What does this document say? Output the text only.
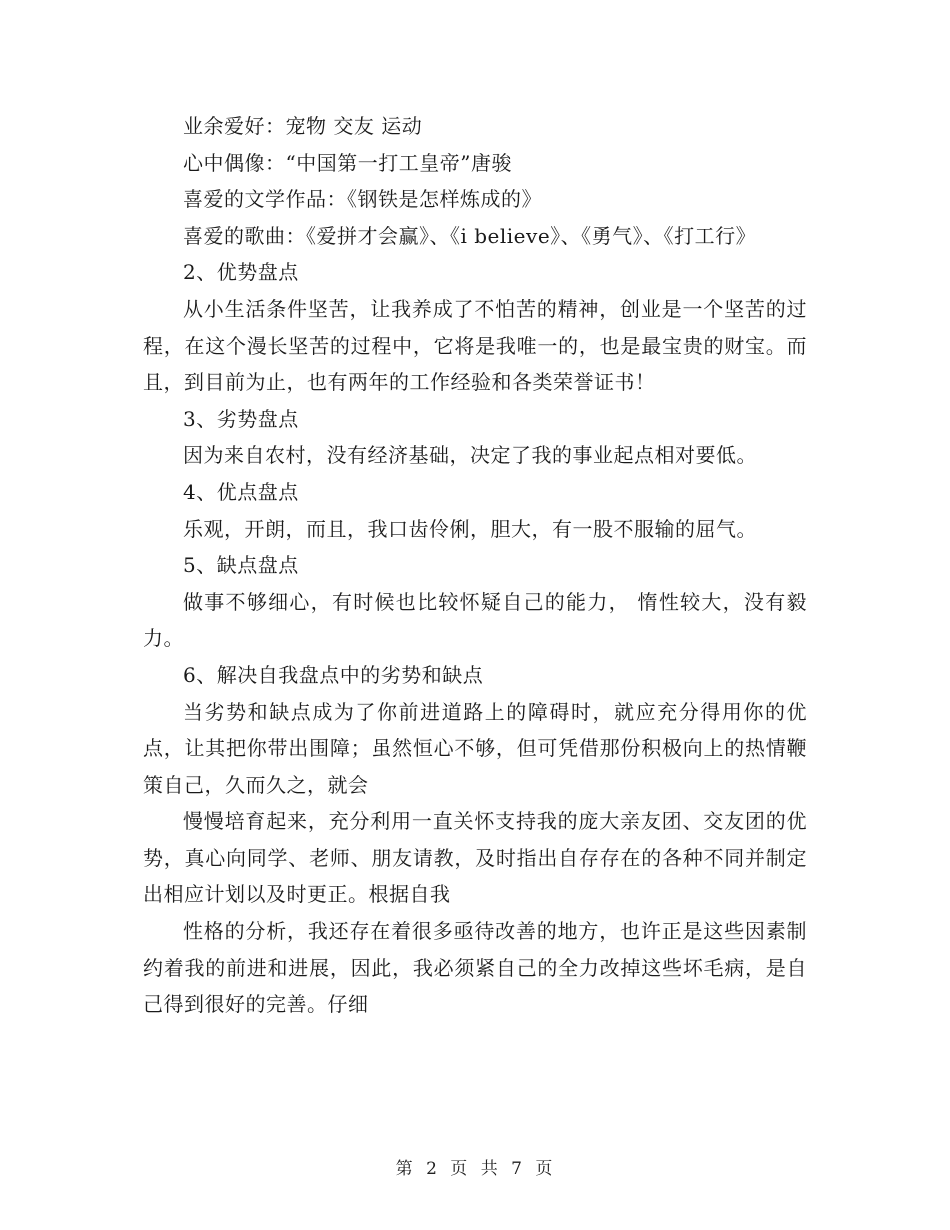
业余爱好：宠物 交友 运动

心中偶像：“中国第一打工皇帝”唐骏

喜爱的文学作品：《钢铁是怎样炼成的》

喜爱的歌曲：《爱拼才会赢》、《i believe》、《勇气》、《打工行》

2、优势盘点

从小生活条件坚苦，让我养成了不怕苦的精神，创业是一个坚苦的过程，在这个漫长坚苦的过程中，它将是我唯一的，也是最宝贵的财宝。而且，到目前为止，也有两年的工作经验和各类荣誉证书！

3、劣势盘点

因为来自农村，没有经济基础，决定了我的事业起点相对要低。

4、优点盘点

乐观，开朗，而且，我口齿伶俐，胆大，有一股不服输的屈气。

5、缺点盘点

做事不够细心，有时候也比较怀疑自己的能力， 惰性较大，没有毅力。

6、解决自我盘点中的劣势和缺点

当劣势和缺点成为了你前进道路上的障碍时，就应充分得用你的优点，让其把你带出围障；虽然恒心不够，但可凭借那份积极向上的热情鞭策自己，久而久之，就会

慢慢培育起来，充分利用一直关怀支持我的庞大亲友团、交友团的优势，真心向同学、老师、朋友请教，及时指出自存存在的各种不同并制定出相应计划以及时更正。根据自我

性格的分析，我还存在着很多亟待改善的地方，也许正是这些因素制约着我的前进和进展，因此，我必须紧自己的全力改掉这些坏毛病，是自己得到很好的完善。仔细

第 2 页 共 7 页
